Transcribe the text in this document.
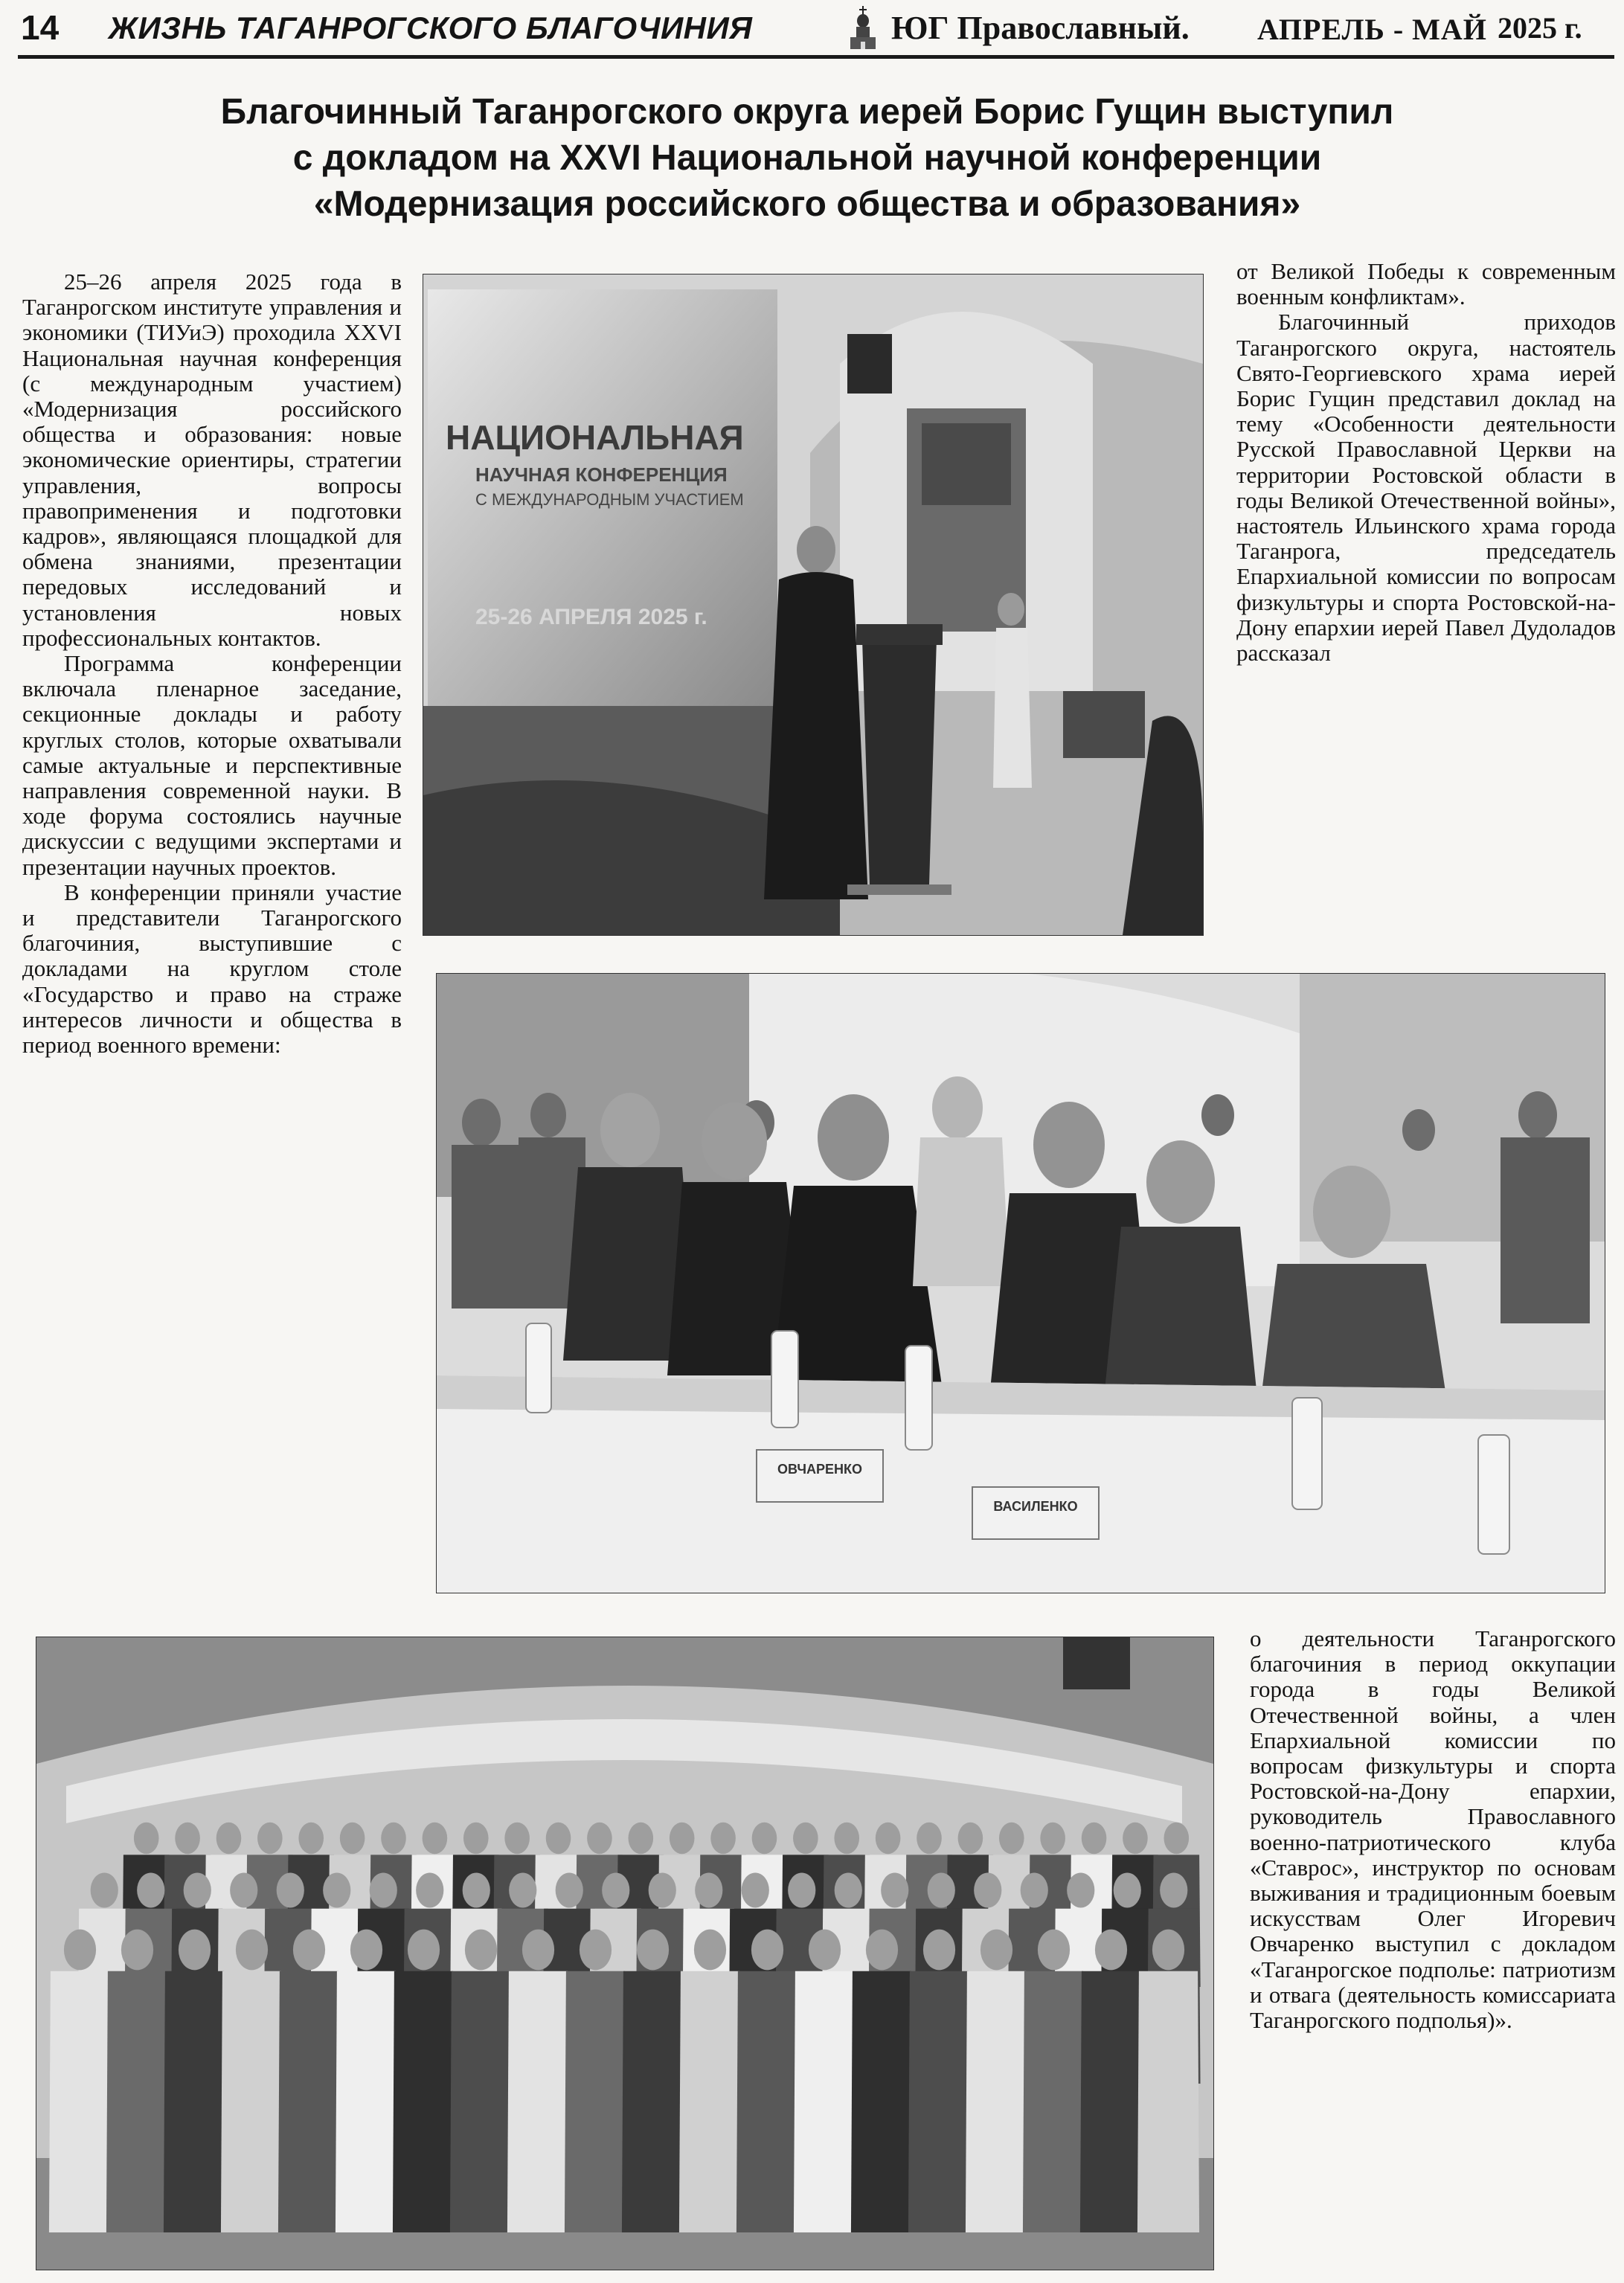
14 ЖИЗНЬ ТАГАНРОГСКОГО БЛАГОЧИНИЯ	ЮГ Православный. АПРЕЛЬ - МАЙ 2025 г.
Благочинный Таганрогского округа иерей Борис Гущин выступил
с докладом на XXVI Национальной научной конференции
«Модернизация российского общества и образования»

25–26 апреля 2025 года в Таганрогском институте управления и экономики (ТИУиЭ) проходила XXVI Национальная научная конференция (с международным участием) «Модернизация российского общества и образования: новые экономические ориентиры, стратегии управления, вопросы правоприменения и подготовки кадров», являющаяся площадкой для обмена знаниями, презентации передовых исследований и установления новых профессиональных контактов.

Программа конференции включала пленарное заседание, секционные доклады и работу круглых столов, которые охватывали самые актуальные и перспективные направления современной науки. В ходе форума состоялись научные дискуссии с ведущими экспертами и презентации научных проектов.

В конференции приняли участие и представители Таганрогского благочиния, выступившие с докладами на круглом столе «Государство и право на страже интересов личности и общества в период военного времени:

от Великой Победы к современным военным конфликтам».

Благочинный приходов Таганрогского округа, настоятель Свято-Георгиевского храма иерей Борис Гущин представил доклад на тему «Особенности деятельности Русской Православной Церкви на территории Ростовской области в годы Великой Отечественной войны», настоятель Ильинского храма города Таганрога, председатель Епархиальной комиссии по вопросам физкультуры и спорта Ростовской-на-Дону епархии иерей Павел Дудоладов рассказал

о деятельности Таганрогского благочиния в период оккупации города в годы Великой Отечественной войны, а член Епархиальной комиссии по вопросам физкультуры и спорта Ростовской-на-Дону епархии, руководитель Православного военно-патриотического клуба «Ставрос», инструктор по основам выживания и традиционным боевым искусствам Олег Игоревич Овчаренко выступил с докладом «Таганрогское подполье: патриотизм и отвага (деятельность комиссариата Таганрогского подполья)».

НАЦИОНАЛЬНАЯ
НАУЧНАЯ КОНФЕРЕНЦИЯ
С МЕЖДУНАРОДНЫМ УЧАСТИЕМ
25-26 АПРЕЛЯ 2025 г.
ОВЧАРЕНКО
ВАСИЛЕНКО
